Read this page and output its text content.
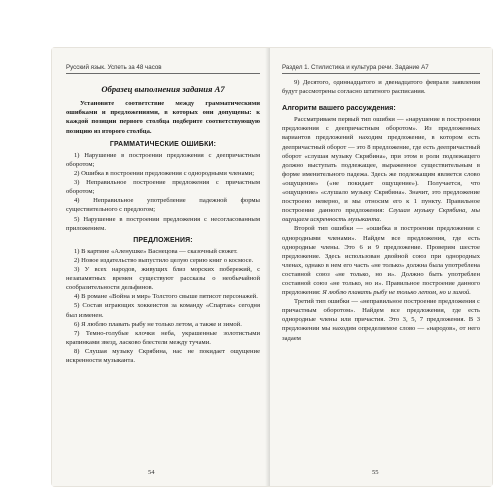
Русский язык. Успеть за 48 часов
Образец выполнения задания А7

Установите соответствие между грамматическими ошибками и предложениями, в которых они допущены: к каждой позиции первого столбца подберите соответствующую позицию из второго столбца.

ГРАММАТИЧЕСКИЕ ОШИБКИ:

1) Нарушение в построении предложения с деепричастным оборотом;

2) Ошибка в построении предложения с однородными членами;

3) Неправильное построение предложения с причастным оборотом;

4) Неправильное употребление падежной формы существительного с предлогом;

5) Нарушение в построении предложения с несогласованным приложением.

ПРЕДЛОЖЕНИЯ:

1) В картине «Аленушке» Васнецова — сказочный сюжет.

2) Новое издательство выпустило целую серию книг о космосе.

3) У всех народов, живущих близ морских побережий, с незапамятных времен существуют рассказы о необычайной сообразительности дельфинов.

4) В романе «Война и мир» Толстого свыше пятисот персонажей.

5) Состав играющих хоккеистов за команду «Спартак» сегодня был изменен.

6) Я люблю плавать рыбу не только летом, а также и зимой.

7) Темно-голубые клочки неба, украшенные золотистыми крапинками звезд, ласково блестели между тучами.

8) Слушая музыку Скрябина, нас не покидает ощущение искренности музыканта.

54
Раздел 1. Стилистика и культура речи. Задание А7

9) Десятого, одиннадцатого и двенадцатого февраля заявления будут рассмотрены согласно штатного расписания.

Алгоритм вашего рассуждения:

Рассматриваем первый тип ошибки — «нарушение в построении предложения с деепричастным оборотом». Из предложенных вариантов предложений находим предложение, в котором есть деепричастный оборот — это 8 предложение, где есть деепричастный оборот «слушая музыку Скрябина», при этом в роли подлежащего должно выступать подлежащее, выраженное существительным в форме именительного падежа. Здесь же подлежащим является слово «ощущение» («не покидает ощущение»). Получается, что «ощущение» «слушало музыку Скрябина». Значит, это предложение построено неверно, и мы относим его к 1 пункту. Правильное построение данного предложения: Слушая музыку Скрябина, мы ощущаем искренность музыканта.

Второй тип ошибки — «ошибка в построении предложения с однородными членами». Найдем все предложения, где есть однородные члены. Это 6 и 9 предложение. Проверим шестое предложение. Здесь использован двойной союз при однородных членах, однако в нем его часть «не только» должна была употреблена составной союз «не только, но и». Должно быть употреблен составной союз «не только, но и». Правильное построение данного предложения: Я люблю плавать рыбу не только летом, но и зимой.

Третий тип ошибки — «неправильное построение предложения с причастным оборотом». Найдем все предложения, где есть однородные члены или причастия. Это 3, 5, 7 предложения. В 3 предложении мы находим определяемое слово — «народов», от него задаем

55
